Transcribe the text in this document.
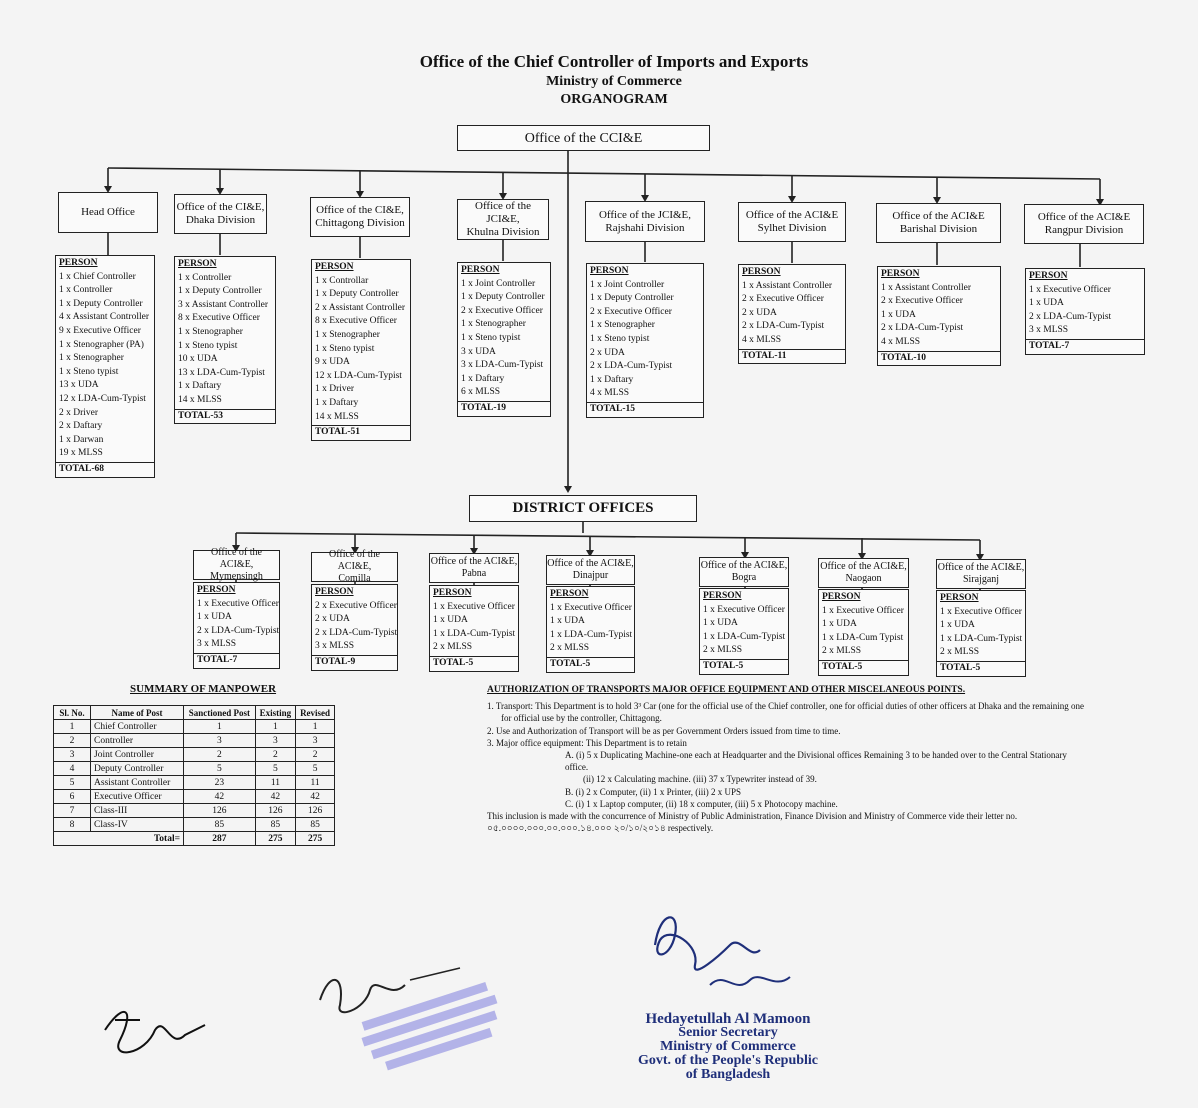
Office of the Chief Controller of Imports and Exports
Ministry of Commerce
ORGANOGRAM
Office of the CCI&E
Head Office	Office of the CI&E,
Dhaka Division
Office of the CI&E,
Chittagong Division
Office of the JCI&E,
Khulna Division
Office of the JCI&E,
Rajshahi Division
Office of the ACI&E
Sylhet Division
Office of the ACI&E
Barishal Division
Office of the ACI&E
Rangpur Division
PERSON
1 x Chief Controller
1 x Controller
1 x Deputy Controller
4 x Assistant Controller
9 x Executive Officer
1 x Stenographer (PA)
1 x Stenographer
1 x Steno typist
13 x UDA
12 x LDA-Cum-Typist
2 x Driver
2 x Daftary
1 x Darwan
19 x MLSS
TOTAL-68
PERSON
1 x Controller
1 x Deputy Controller
3 x Assistant Controller
8 x Executive Officer
1 x Stenographer
1 x Steno typist
10 x UDA
13 x LDA-Cum-Typist
1 x Daftary
14 x MLSS
TOTAL-53
PERSON
1 x Controllar
1 x Deputy Controller
2 x Assistant Controller
8 x Executive Officer
1 x Stenographer
1 x Steno typist
9 x UDA
12 x LDA-Cum-Typist
1 x Driver
1 x Daftary
14 x MLSS
TOTAL-51
PERSON
1 x Joint Controller
1 x Deputy Controller
2 x Executive Officer
1 x Stenographer
1 x Steno typist
3 x UDA
3 x LDA-Cum-Typist
1 x Daftary
6 x MLSS
TOTAL-19
PERSON
1 x Joint Controller
1 x Deputy Controller
2 x Executive Officer
1 x Stenographer
1 x Steno typist
2 x UDA
2 x LDA-Cum-Typist
1 x Daftary
4 x MLSS
TOTAL-15
PERSON
1 x Assistant Controller
2 x Executive Officer
2 x UDA
2 x LDA-Cum-Typist
4 x MLSS
TOTAL-11
PERSON
1 x Assistant Controller
2 x Executive Officer
1 x UDA
2 x LDA-Cum-Typist
4 x MLSS
TOTAL-10
PERSON
1 x Executive Officer
1 x UDA
2 x LDA-Cum-Typist
3 x MLSS
TOTAL-7
DISTRICT OFFICES
Office of the ACI&E,
Mymensingh
Office of the ACI&E,
Comilla
Office of the ACI&E,
Pabna
Office of the ACI&E,
Dinajpur
Office of the ACI&E,
Bogra
Office of the ACI&E,
Naogaon
Office of the ACI&E,
Sirajganj
PERSON
1 x Executive Officer
1 x UDA
2 x LDA-Cum-Typist
3 x MLSS
TOTAL-7
PERSON
2 x Executive Officer
2 x UDA
2 x LDA-Cum-Typist
3 x MLSS
TOTAL-9
PERSON
1 x Executive Officer
1 x UDA
1 x LDA-Cum-Typist
2 x MLSS
TOTAL-5
PERSON
1 x Executive Officer
1 x UDA
1 x LDA-Cum-Typist
2 x MLSS
TOTAL-5
PERSON
1 x Executive Officer
1 x UDA
1 x LDA-Cum-Typist
2 x MLSS
TOTAL-5
PERSON
1 x Executive Officer
1 x UDA
1 x LDA-Cum Typist
2 x MLSS
TOTAL-5
PERSON
1 x Executive Officer
1 x UDA
1 x LDA-Cum-Typist
2 x MLSS
TOTAL-5
SUMMARY OF MANPOWER
Sl. No.	Name of Post	Sanctioned Post	Existing	Revised
1	Chief Controller	1	1	1
2	Controller	3	3	3
3	Joint Controller	2	2	2
4	Deputy Controller	5	5	5
5	Assistant Controller	23	11	11
6	Executive Officer	42	42	42
7	Class-III	126	126	126
8	Class-IV	85	85	85
Total=		287	275	275
AUTHORIZATION OF TRANSPORTS MAJOR OFFICE EQUIPMENT AND OTHER MISCELANEOUS POINTS.
1. Transport: This Department is to hold 3³ Car (one for the official use of the Chief controller, one for official duties of other officers at Dhaka and the remaining one for official use by the controller, Chittagong.
2. Use and Authorization of Transport will be as per Government Orders issued from time to time.
3. Major office equipment: This Department is to retain
A. (i) 5 x Duplicating Machine-one each at Headquarter and the Divisional offices Remaining 3 to be handed over to the Central Stationary office.
(ii) 12 x Calculating machine. (iii) 37 x Typewriter instead of 39.
B. (i) 2 x Computer, (ii) 1 x Printer, (iii) 2 x UPS
C. (i) 1 x Laptop computer, (ii) 18 x computer, (iii) 5 x Photocopy machine.
This inclusion is made with the concurrence of Ministry of Public Administration, Finance Division and Ministry of Commerce vide their letter no. ০৫.০০০০.০০০.০০.০০০.১৪.০০০ ২০/১০/২০১৪ respectively.
Hedayetullah Al Mamoon
Senior Secretary
Ministry of Commerce
Govt. of the People's Republic
of Bangladesh
